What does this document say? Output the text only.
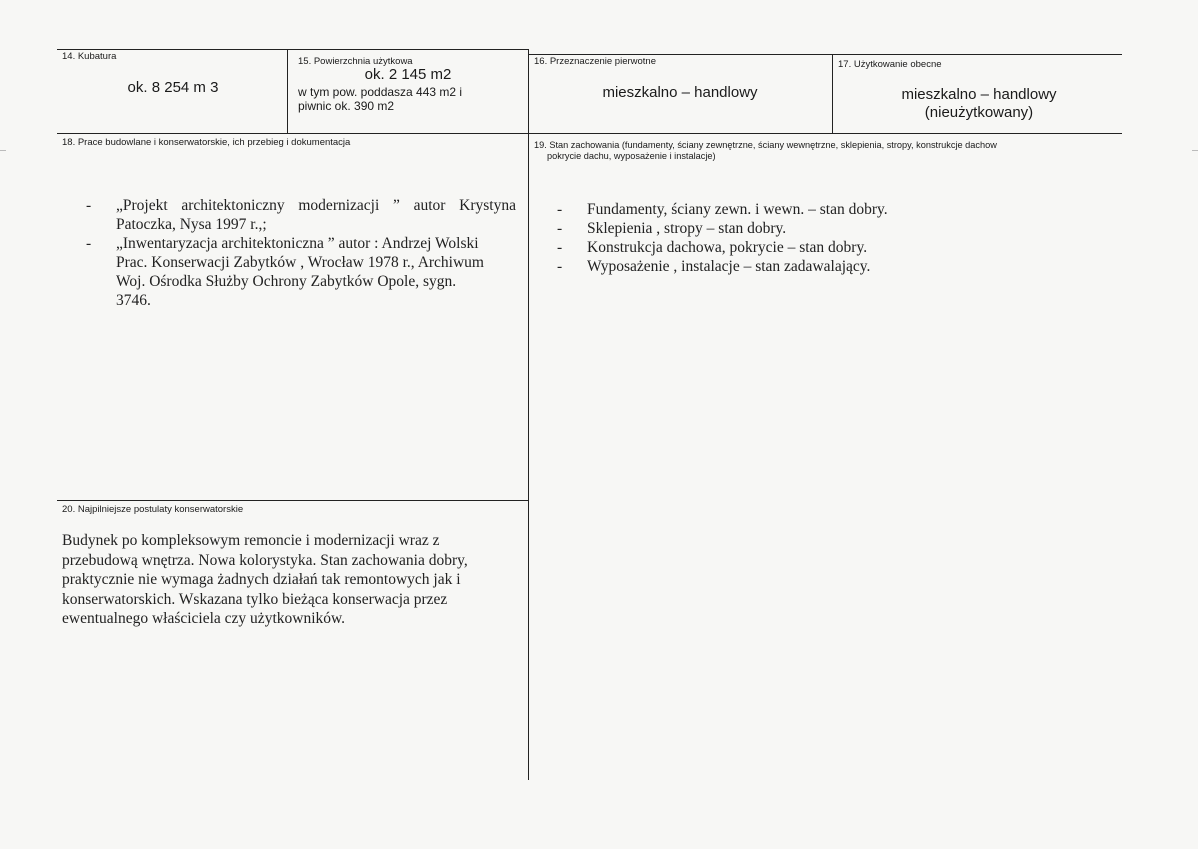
14. Kubatura
ok. 8 254 m 3
15. Powierzchnia użytkowa
ok. 2 145 m2
w tym pow. poddasza 443 m2 i
piwnic ok. 390 m2
16. Przeznaczenie pierwotne
mieszkalno – handlowy
17. Użytkowanie obecne
mieszkalno – handlowy
(nieużytkowany)
18. Prace budowlane i konserwatorskie, ich przebieg i dokumentacja
- „Projekt architektoniczny modernizacji ” autor Krystyna
Patoczka, Nysa 1997 r.,;
- „Inwentaryzacja architektoniczna ” autor : Andrzej Wolski
Prac. Konserwacji Zabytków , Wrocław 1978 r., Archiwum
Woj. Ośrodka Służby Ochrony Zabytków Opole, sygn.
3746.
19. Stan zachowania (fundamenty, ściany zewnętrzne, ściany wewnętrzne, sklepienia, stropy, konstrukcje dachow
pokrycie dachu, wyposażenie i instalacje)
- Fundamenty, ściany zewn. i wewn. – stan dobry.
- Sklepienia , stropy – stan dobry.
- Konstrukcja dachowa, pokrycie – stan dobry.
- Wyposażenie , instalacje – stan zadawalający.
20. Najpilniejsze postulaty konserwatorskie
Budynek po kompleksowym remoncie i modernizacji wraz z
przebudową wnętrza. Nowa kolorystyka. Stan zachowania dobry,
praktycznie nie wymaga żadnych działań tak remontowych jak i
konserwatorskich. Wskazana tylko bieżąca konserwacja przez
ewentualnego właściciela czy użytkowników.
